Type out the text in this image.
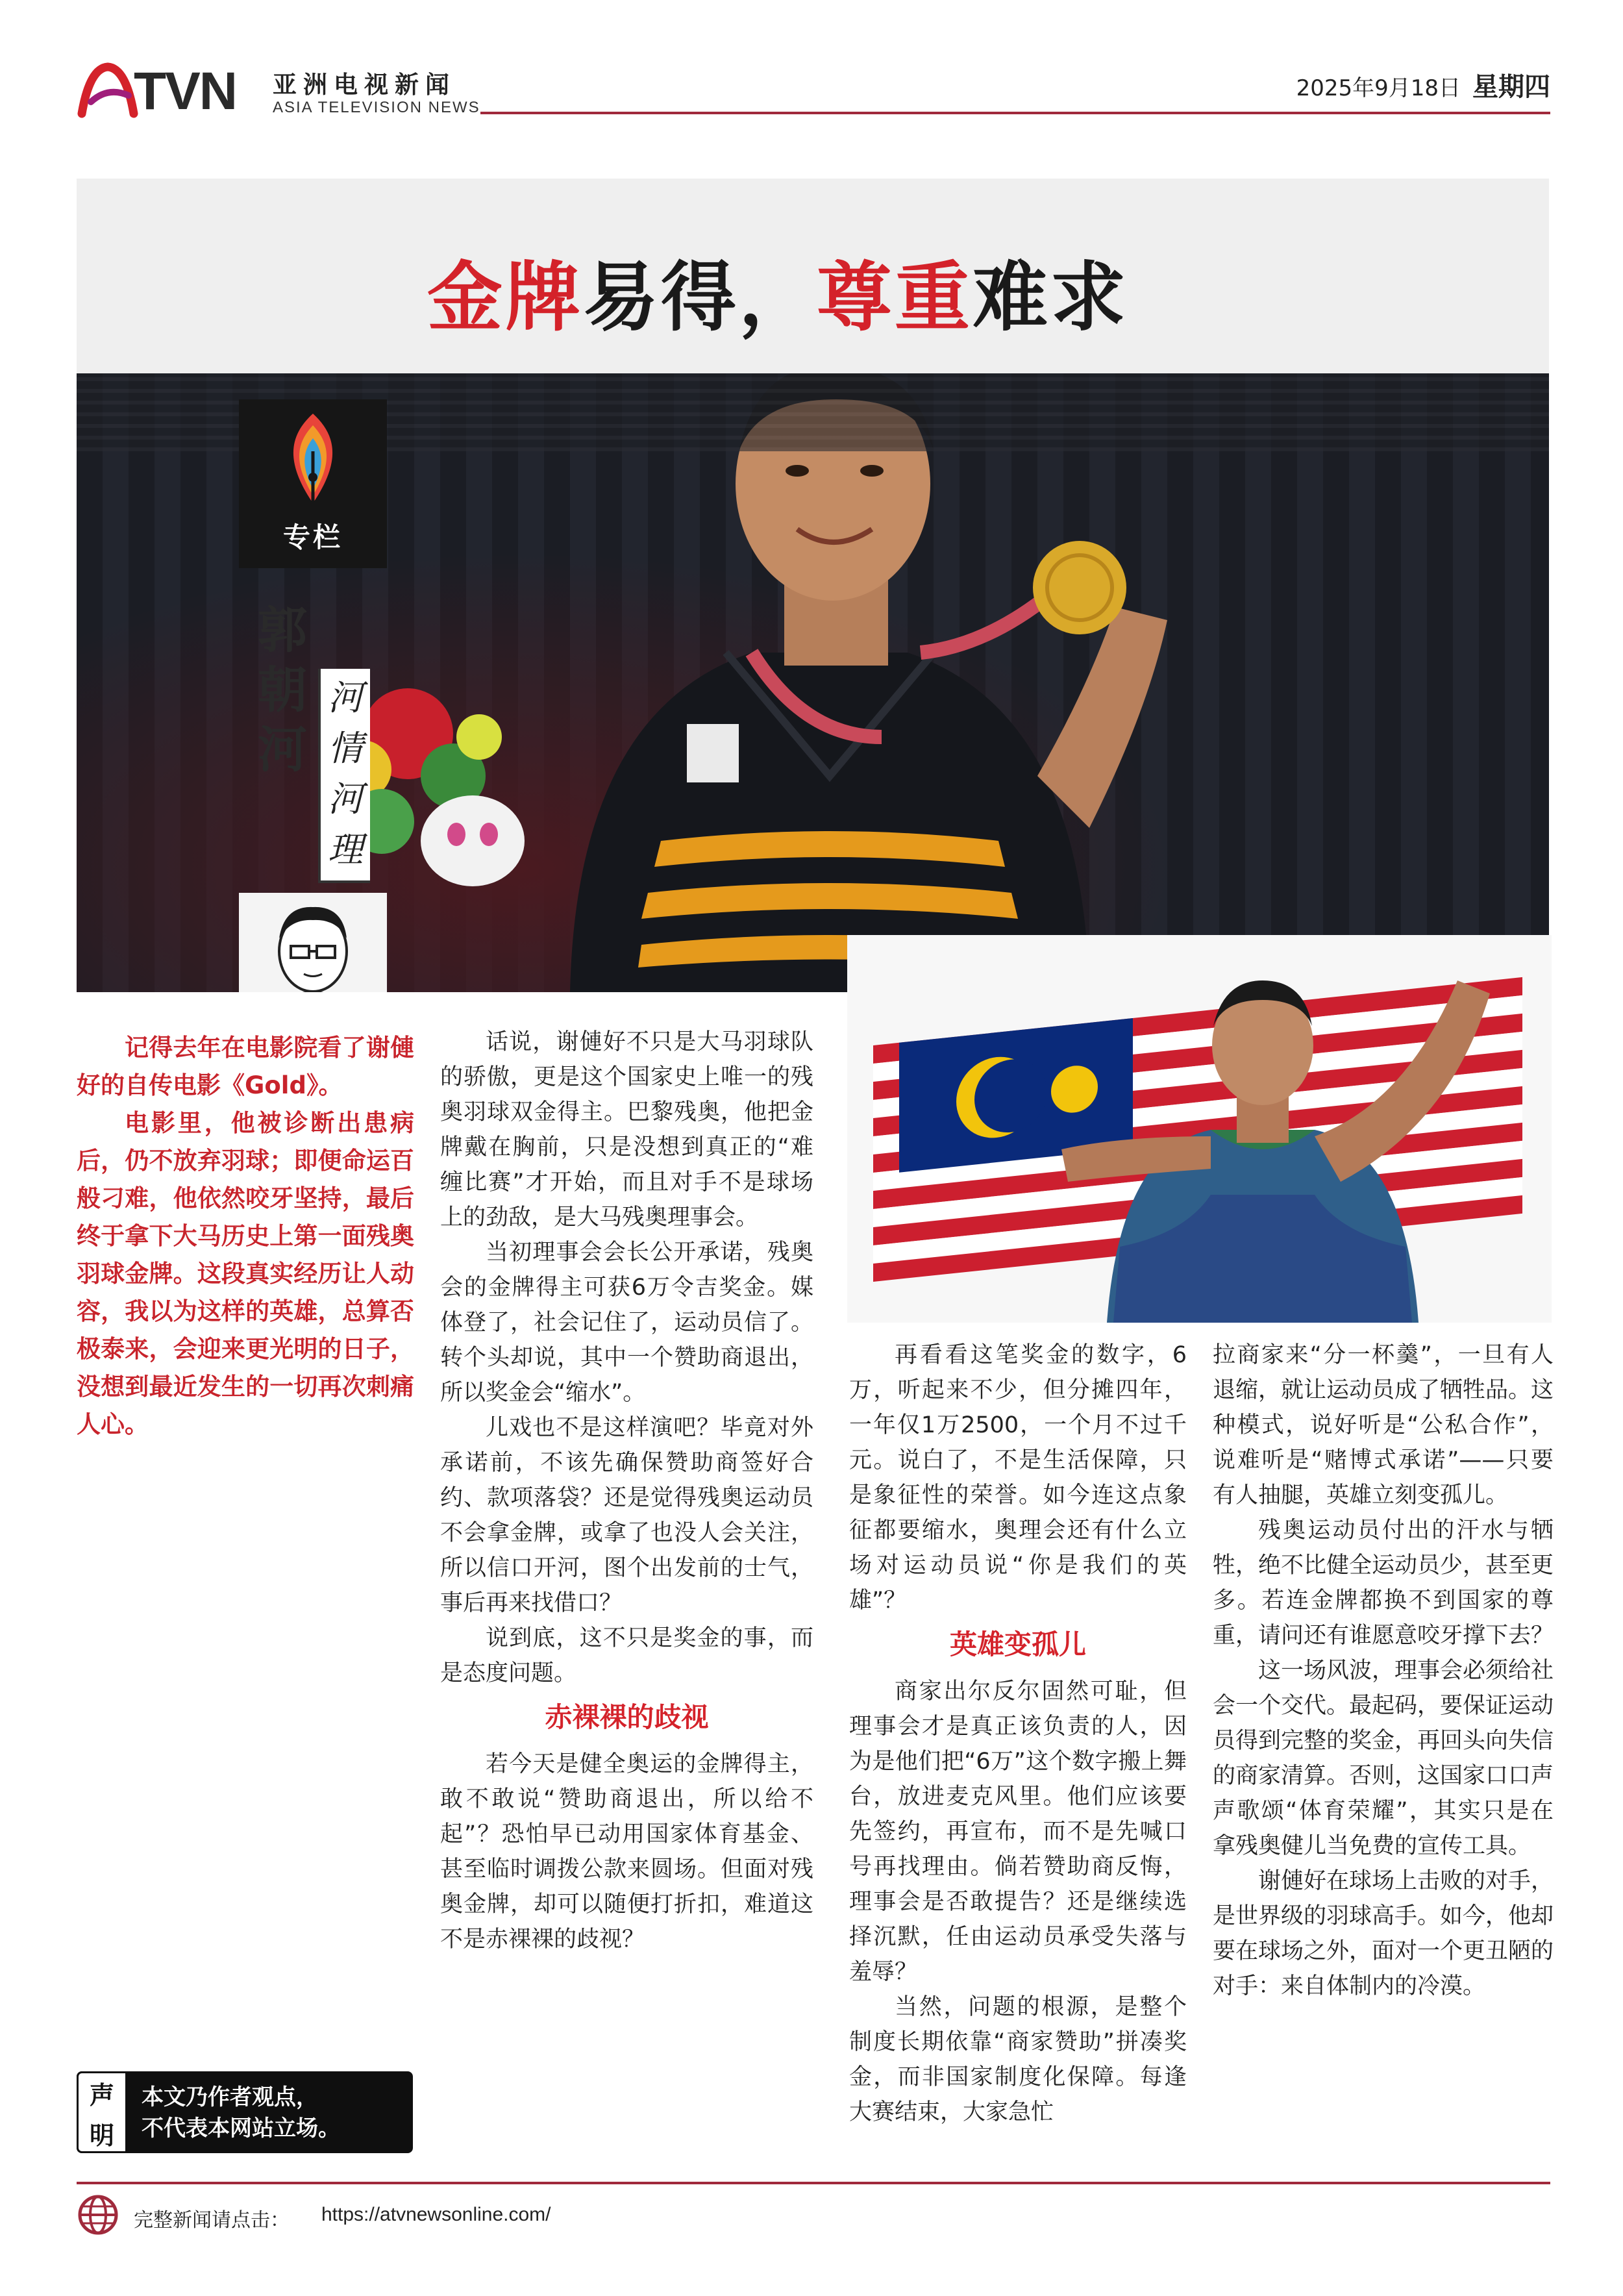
TVN 亚洲电视新闻
ASIA TELEVISION NEWS
2025年9月18日 星期四
金牌易得，尊重难求
专栏
郭朝河
河
情
河
理

记得去年在电影院看了谢僆好的自传电影《Gold》。

电影里，他被诊断出患病后，仍不放弃羽球；即便命运百般刁难，他依然咬牙坚持，最后终于拿下大马历史上第一面残奥羽球金牌。这段真实经历让人动容，我以为这样的英雄，总算否极泰来，会迎来更光明的日子，没想到最近发生的一切再次刺痛人心。

话说，谢僆好不只是大马羽球队的骄傲，更是这个国家史上唯一的残奥羽球双金得主。巴黎残奥，他把金牌戴在胸前，只是没想到真正的“难缠比赛”才开始，而且对手不是球场上的劲敌，是大马残奥理事会。

当初理事会会长公开承诺，残奥会的金牌得主可获6万令吉奖金。媒体登了，社会记住了，运动员信了。转个头却说，其中一个赞助商退出，所以奖金会“缩水”。

儿戏也不是这样演吧？毕竟对外承诺前，不该先确保赞助商签好合约、款项落袋？还是觉得残奥运动员不会拿金牌，或拿了也没人会关注，所以信口开河，图个出发前的士气，事后再来找借口？

说到底，这不只是奖金的事，而是态度问题。

赤裸裸的歧视

若今天是健全奥运的金牌得主，敢不敢说“赞助商退出，所以给不起”？恐怕早已动用国家体育基金、甚至临时调拨公款来圆场。但面对残奥金牌，却可以随便打折扣，难道这不是赤裸裸的歧视？

再看看这笔奖金的数字，6万，听起来不少，但分摊四年，一年仅1万2500，一个月不过千元。说白了，不是生活保障，只是象征性的荣誉。如今连这点象征都要缩水，奥理会还有什么立场对运动员说“你是我们的英雄”？

英雄变孤儿

商家出尔反尔固然可耻，但理事会才是真正该负责的人，因为是他们把“6万”这个数字搬上舞台，放进麦克风里。他们应该要先签约，再宣布，而不是先喊口号再找理由。倘若赞助商反悔，理事会是否敢提告？还是继续选择沉默，任由运动员承受失落与羞辱？

当然，问题的根源，是整个制度长期依靠“商家赞助”拼凑奖金，而非国家制度化保障。每逢大赛结束，大家急忙

拉商家来“分一杯羹”，一旦有人退缩，就让运动员成了牺牲品。这种模式，说好听是“公私合作”，说难听是“赌博式承诺”——只要有人抽腿，英雄立刻变孤儿。

残奥运动员付出的汗水与牺牲，绝不比健全运动员少，甚至更多。若连金牌都换不到国家的尊重，请问还有谁愿意咬牙撑下去？

这一场风波，理事会必须给社会一个交代。最起码，要保证运动员得到完整的奖金，再回头向失信的商家清算。否则，这国家口口声声歌颂“体育荣耀”，其实只是在拿残奥健儿当免费的宣传工具。

谢僆好在球场上击败的对手，是世界级的羽球高手。如今，他却要在球场之外，面对一个更丑陋的对手：来自体制内的冷漠。

声
明
本文乃作者观点，
不代表本网站立场。
完整新闻请点击： https://atvnewsonline.com/
